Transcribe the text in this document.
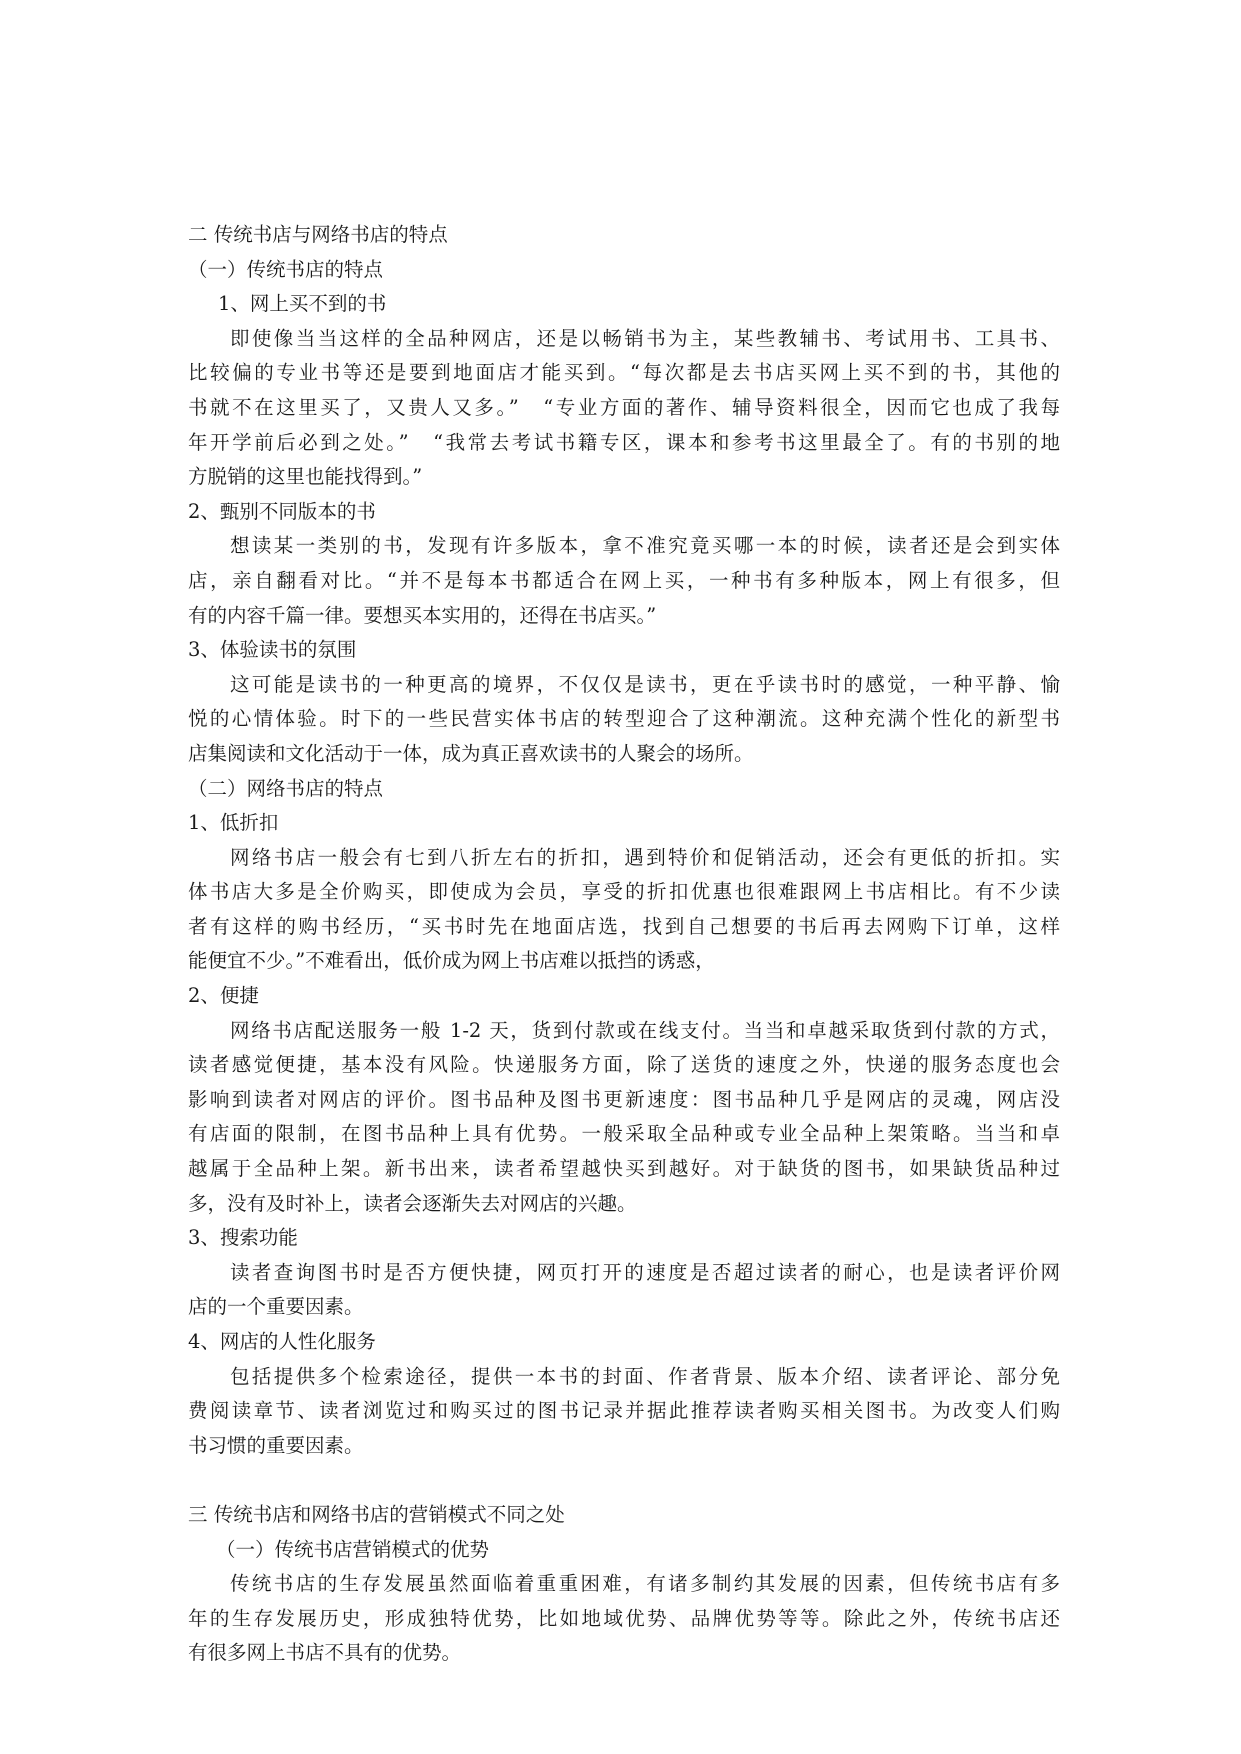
二 传统书店与网络书店的特点
（一）传统书店的特点
1、网上买不到的书
即使像当当这样的全品种网店，还是以畅销书为主，某些教辅书、考试用书、工具书、
比较偏的专业书等还是要到地面店才能买到。“每次都是去书店买网上买不到的书，其他的
书就不在这里买了，又贵人又多。”　“专业方面的著作、辅导资料很全，因而它也成了我每
年开学前后必到之处。”　“我常去考试书籍专区，课本和参考书这里最全了。有的书别的地
方脱销的这里也能找得到。”
2、甄别不同版本的书
想读某一类别的书，发现有许多版本，拿不准究竟买哪一本的时候，读者还是会到实体
店，亲自翻看对比。“并不是每本书都适合在网上买，一种书有多种版本，网上有很多，但
有的内容千篇一律。要想买本实用的，还得在书店买。”
3、体验读书的氛围
这可能是读书的一种更高的境界，不仅仅是读书，更在乎读书时的感觉，一种平静、愉
悦的心情体验。时下的一些民营实体书店的转型迎合了这种潮流。这种充满个性化的新型书
店集阅读和文化活动于一体，成为真正喜欢读书的人聚会的场所。
（二）网络书店的特点
1、低折扣
网络书店一般会有七到八折左右的折扣，遇到特价和促销活动，还会有更低的折扣。实
体书店大多是全价购买，即使成为会员，享受的折扣优惠也很难跟网上书店相比。有不少读
者有这样的购书经历，“买书时先在地面店选，找到自己想要的书后再去网购下订单，这样
能便宜不少。”不难看出，低价成为网上书店难以抵挡的诱惑，
2、便捷
网络书店配送服务一般 1-2 天，货到付款或在线支付。当当和卓越采取货到付款的方式，
读者感觉便捷，基本没有风险。快递服务方面，除了送货的速度之外，快递的服务态度也会
影响到读者对网店的评价。图书品种及图书更新速度：图书品种几乎是网店的灵魂，网店没
有店面的限制，在图书品种上具有优势。一般采取全品种或专业全品种上架策略。当当和卓
越属于全品种上架。新书出来，读者希望越快买到越好。对于缺货的图书，如果缺货品种过
多，没有及时补上，读者会逐渐失去对网店的兴趣。
3、搜索功能
读者查询图书时是否方便快捷，网页打开的速度是否超过读者的耐心，也是读者评价网
店的一个重要因素。
4、网店的人性化服务
包括提供多个检索途径，提供一本书的封面、作者背景、版本介绍、读者评论、部分免
费阅读章节、读者浏览过和购买过的图书记录并据此推荐读者购买相关图书。为改变人们购
书习惯的重要因素。
三 传统书店和网络书店的营销模式不同之处
（一）传统书店营销模式的优势
传统书店的生存发展虽然面临着重重困难，有诸多制约其发展的因素，但传统书店有多
年的生存发展历史，形成独特优势，比如地域优势、品牌优势等等。除此之外，传统书店还
有很多网上书店不具有的优势。
